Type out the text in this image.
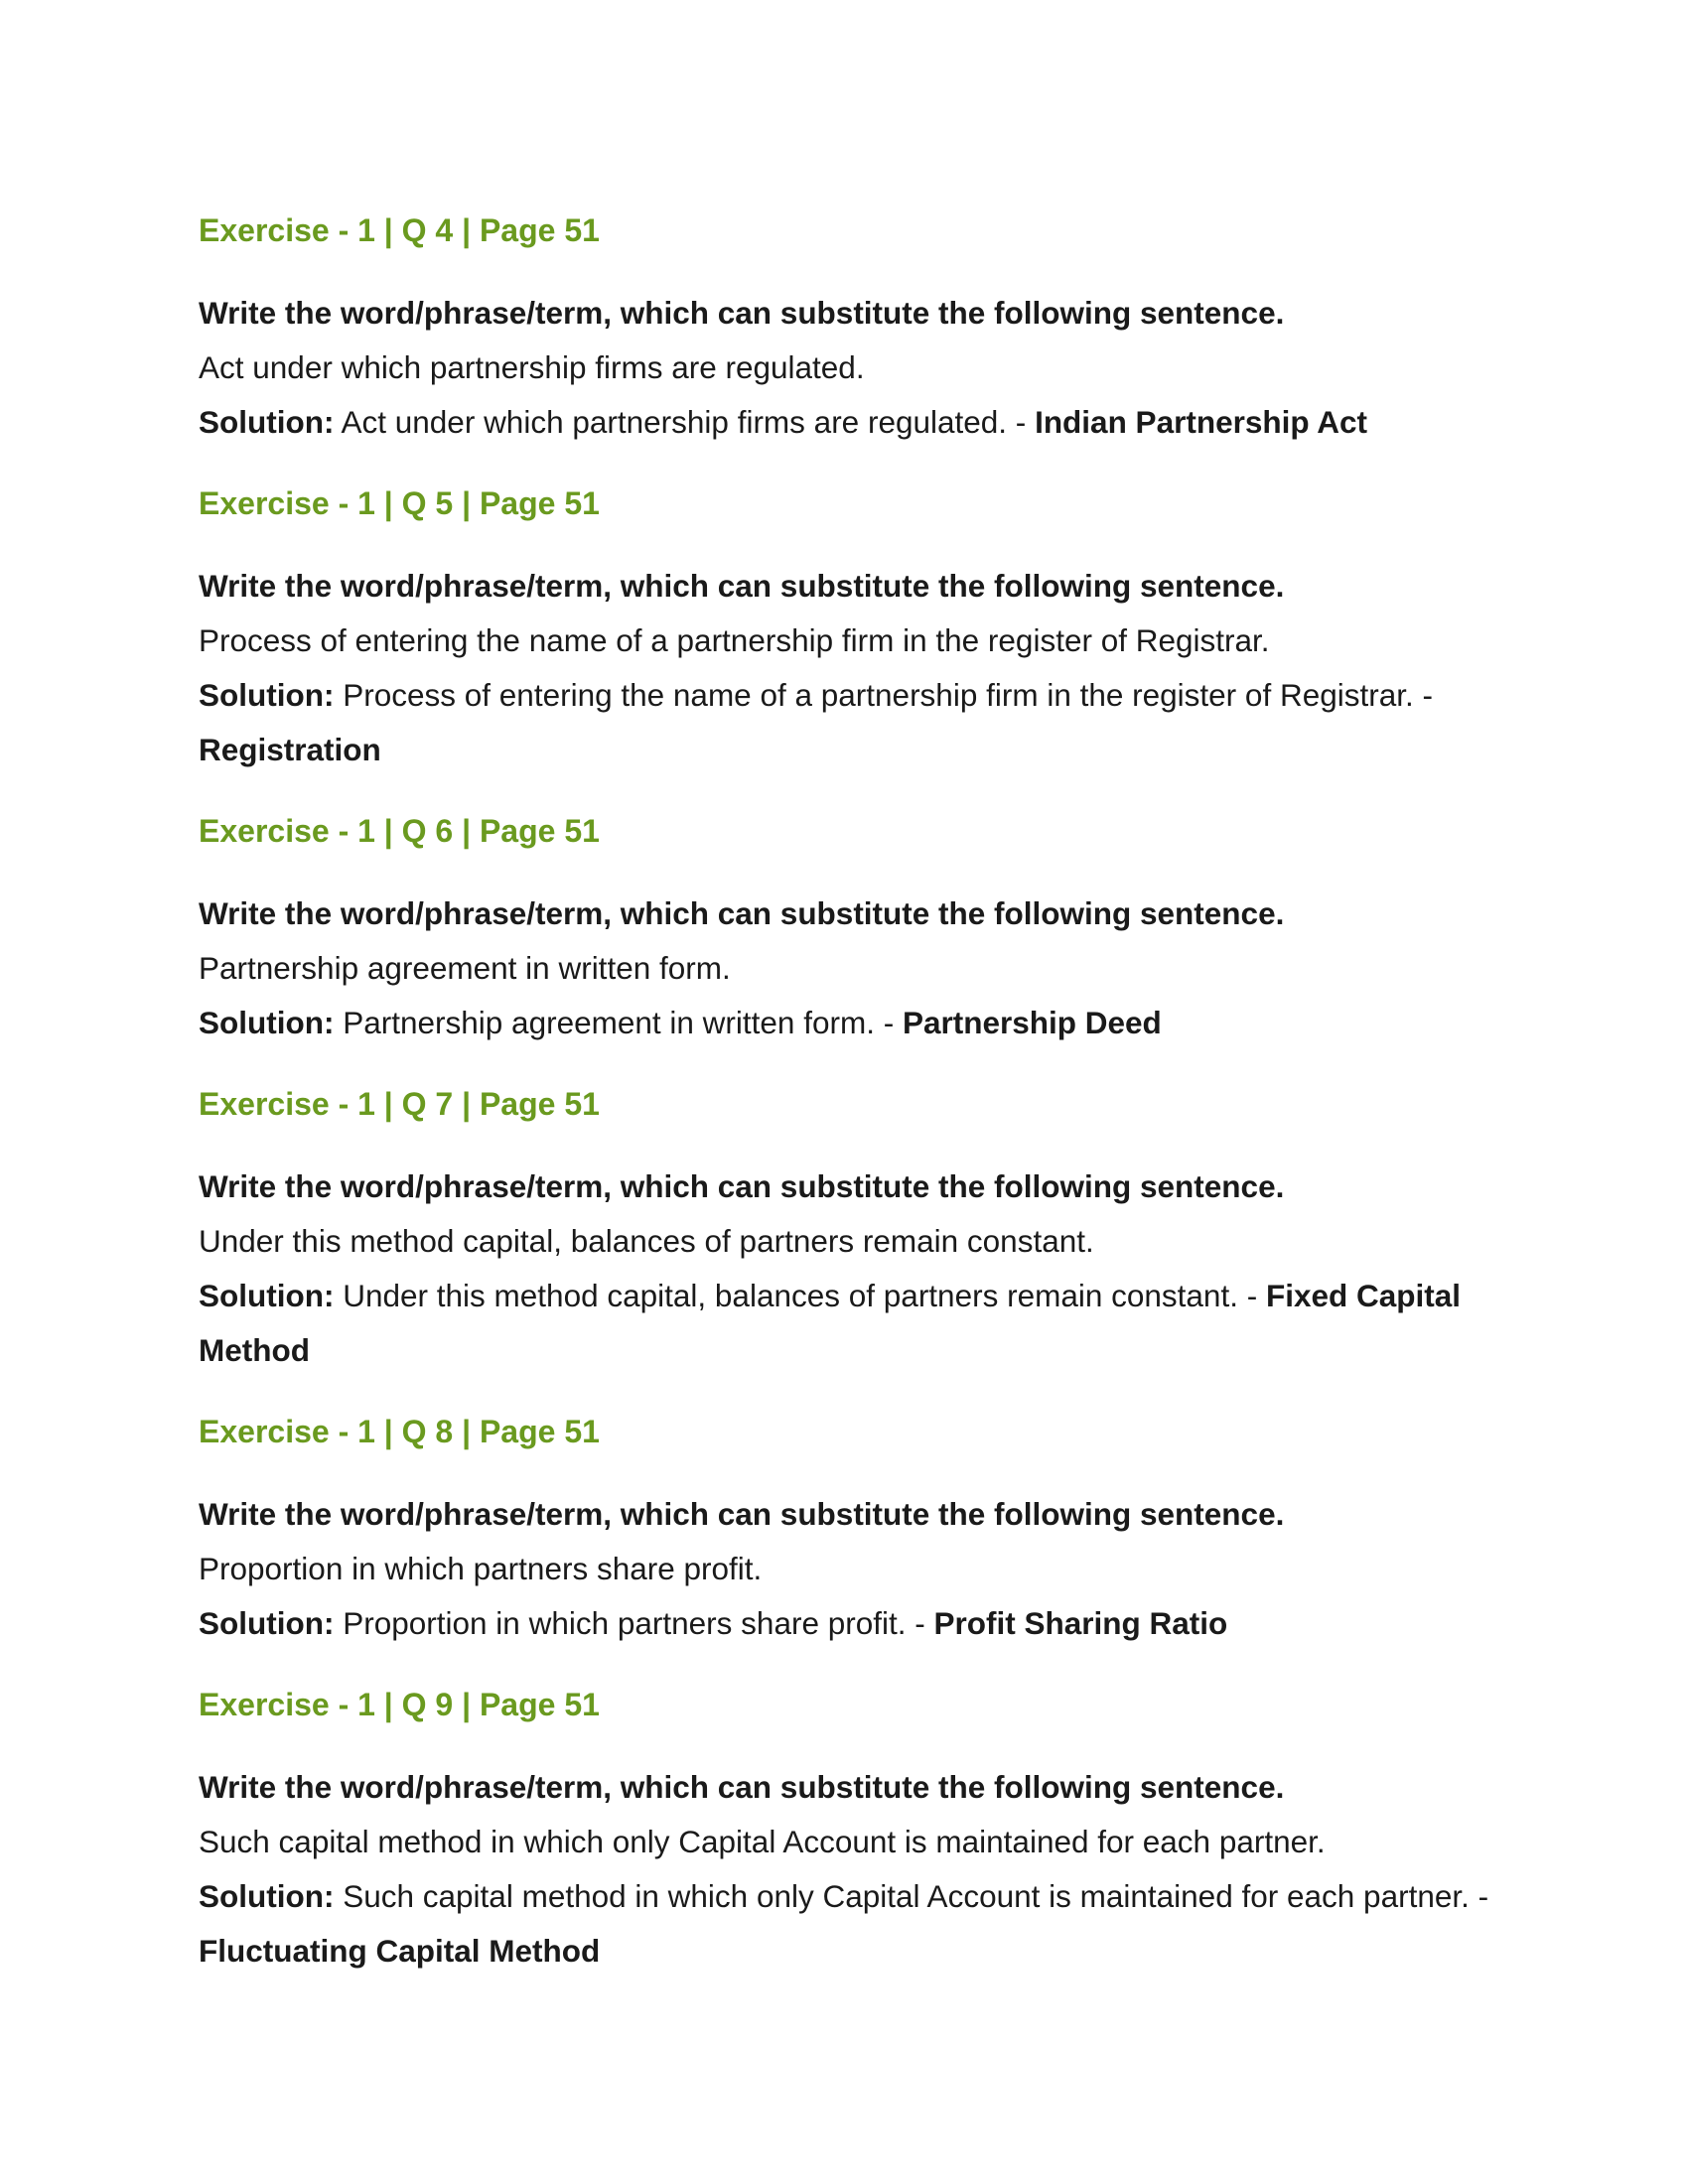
Exercise - 1 | Q 4 | Page 51

Write the word/phrase/term, which can substitute the following sentence.

Act under which partnership firms are regulated.

Solution: Act under which partnership firms are regulated. - Indian Partnership Act

Exercise - 1 | Q 5 | Page 51

Write the word/phrase/term, which can substitute the following sentence.

Process of entering the name of a partnership firm in the register of Registrar.

Solution: Process of entering the name of a partnership firm in the register of Registrar. - Registration

Exercise - 1 | Q 6 | Page 51

Write the word/phrase/term, which can substitute the following sentence.

Partnership agreement in written form.

Solution: Partnership agreement in written form. - Partnership Deed

Exercise - 1 | Q 7 | Page 51

Write the word/phrase/term, which can substitute the following sentence.

Under this method capital, balances of partners remain constant.

Solution: Under this method capital, balances of partners remain constant. - Fixed Capital Method

Exercise - 1 | Q 8 | Page 51

Write the word/phrase/term, which can substitute the following sentence.

Proportion in which partners share profit.

Solution: Proportion in which partners share profit. - Profit Sharing Ratio

Exercise - 1 | Q 9 | Page 51

Write the word/phrase/term, which can substitute the following sentence.

Such capital method in which only Capital Account is maintained for each partner.

Solution: Such capital method in which only Capital Account is maintained for each partner. - Fluctuating Capital Method
